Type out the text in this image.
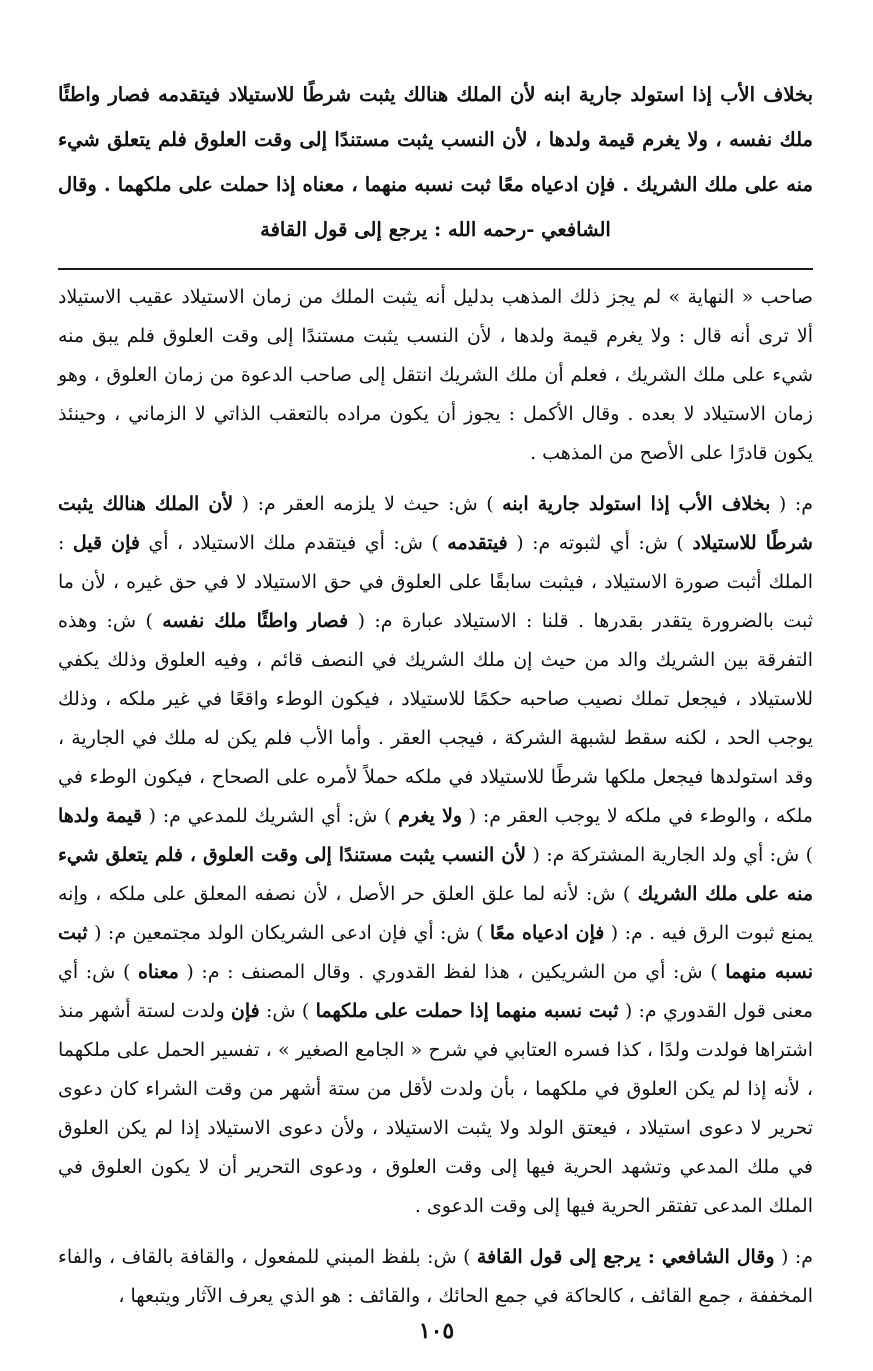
بخلاف الأب إذا استولد جارية ابنه لأن الملك هنالك يثبت شرطًا للاستيلاد فيتقدمه فصار واطئًا ملك نفسه ، ولا يغرم قيمة ولدها ، لأن النسب يثبت مستندًا إلى وقت العلوق فلم يتعلق شيء منه على ملك الشريك . فإن ادعياه معًا ثبت نسبه منهما ، معناه إذا حملت على ملكهما . وقال الشافعي -رحمه الله : يرجع إلى قول القافة

صاحب « النهاية » لم يجز ذلك المذهب بدليل أنه يثبت الملك من زمان الاستيلاد عقيب الاستيلاد ألا ترى أنه قال : ولا يغرم قيمة ولدها ، لأن النسب يثبت مستندًا إلى وقت العلوق فلم يبق منه شيء على ملك الشريك ، فعلم أن ملك الشريك انتقل إلى صاحب الدعوة من زمان العلوق ، وهو زمان الاستيلاد لا بعده . وقال الأكمل : يجوز أن يكون مراده بالتعقب الذاتي لا الزماني ، وحينئذ يكون قادرًا على الأصح من المذهب .

م: ( بخلاف الأب إذا استولد جارية ابنه ) ش: حيث لا يلزمه العقر م: ( لأن الملك هنالك يثبت شرطًا للاستيلاد ) ش: أي لثبوته م: ( فيتقدمه ) ش: أي فيتقدم ملك الاستيلاد ، أي فإن قيل : الملك أثبت صورة الاستيلاد ، فيثبت سابقًا على العلوق في حق الاستيلاد لا في حق غيره ، لأن ما ثبت بالضرورة يتقدر بقدرها . قلنا : الاستيلاد عبارة م: ( فصار واطئًا ملك نفسه ) ش: وهذه التفرقة بين الشريك والد من حيث إن ملك الشريك في النصف قائم ، وفيه العلوق وذلك يكفي للاستيلاد ، فيجعل تملك نصيب صاحبه حكمًا للاستيلاد ، فيكون الوطء واقعًا في غير ملكه ، وذلك يوجب الحد ، لكنه سقط لشبهة الشركة ، فيجب العقر . وأما الأب فلم يكن له ملك في الجارية ، وقد استولدها فيجعل ملكها شرطًا للاستيلاد في ملكه حملاً لأمره على الصحاح ، فيكون الوطء في ملكه ، والوطء في ملكه لا يوجب العقر م: ( ولا يغرم ) ش: أي الشريك للمدعي م: ( قيمة ولدها ) ش: أي ولد الجارية المشتركة م: ( لأن النسب يثبت مستندًا إلى وقت العلوق ، فلم يتعلق شيء منه على ملك الشريك ) ش: لأنه لما علق العلق حر الأصل ، لأن نصفه المعلق على ملكه ، وإنه يمنع ثبوت الرق فيه . م: ( فإن ادعياه معًا ) ش: أي فإن ادعى الشريكان الولد مجتمعين م: ( ثبت نسبه منهما ) ش: أي من الشريكين ، هذا لفظ القدوري . وقال المصنف : م: ( معناه ) ش: أي معنى قول القدوري م: ( ثبت نسبه منهما إذا حملت على ملكهما ) ش: فإن ولدت لستة أشهر منذ اشتراها فولدت ولدًا ، كذا فسره العتابي في شرح « الجامع الصغير » ، تفسير الحمل على ملكهما ، لأنه إذا لم يكن العلوق في ملكهما ، بأن ولدت لأقل من ستة أشهر من وقت الشراء كان دعوى تحرير لا دعوى استيلاد ، فيعتق الولد ولا يثبت الاستيلاد ، ولأن دعوى الاستيلاد إذا لم يكن العلوق في ملك المدعي وتشهد الحرية فيها إلى وقت العلوق ، ودعوى التحرير أن لا يكون العلوق في الملك المدعى تفتقر الحرية فيها إلى وقت الدعوى .

م: ( وقال الشافعي : يرجع إلى قول القافة ) ش: بلفظ المبني للمفعول ، والقافة بالقاف ، والفاء المخففة ، جمع القائف ، كالحاكة في جمع الحائك ، والقائف : هو الذي يعرف الآثار ويتبعها ،

١٠٥
